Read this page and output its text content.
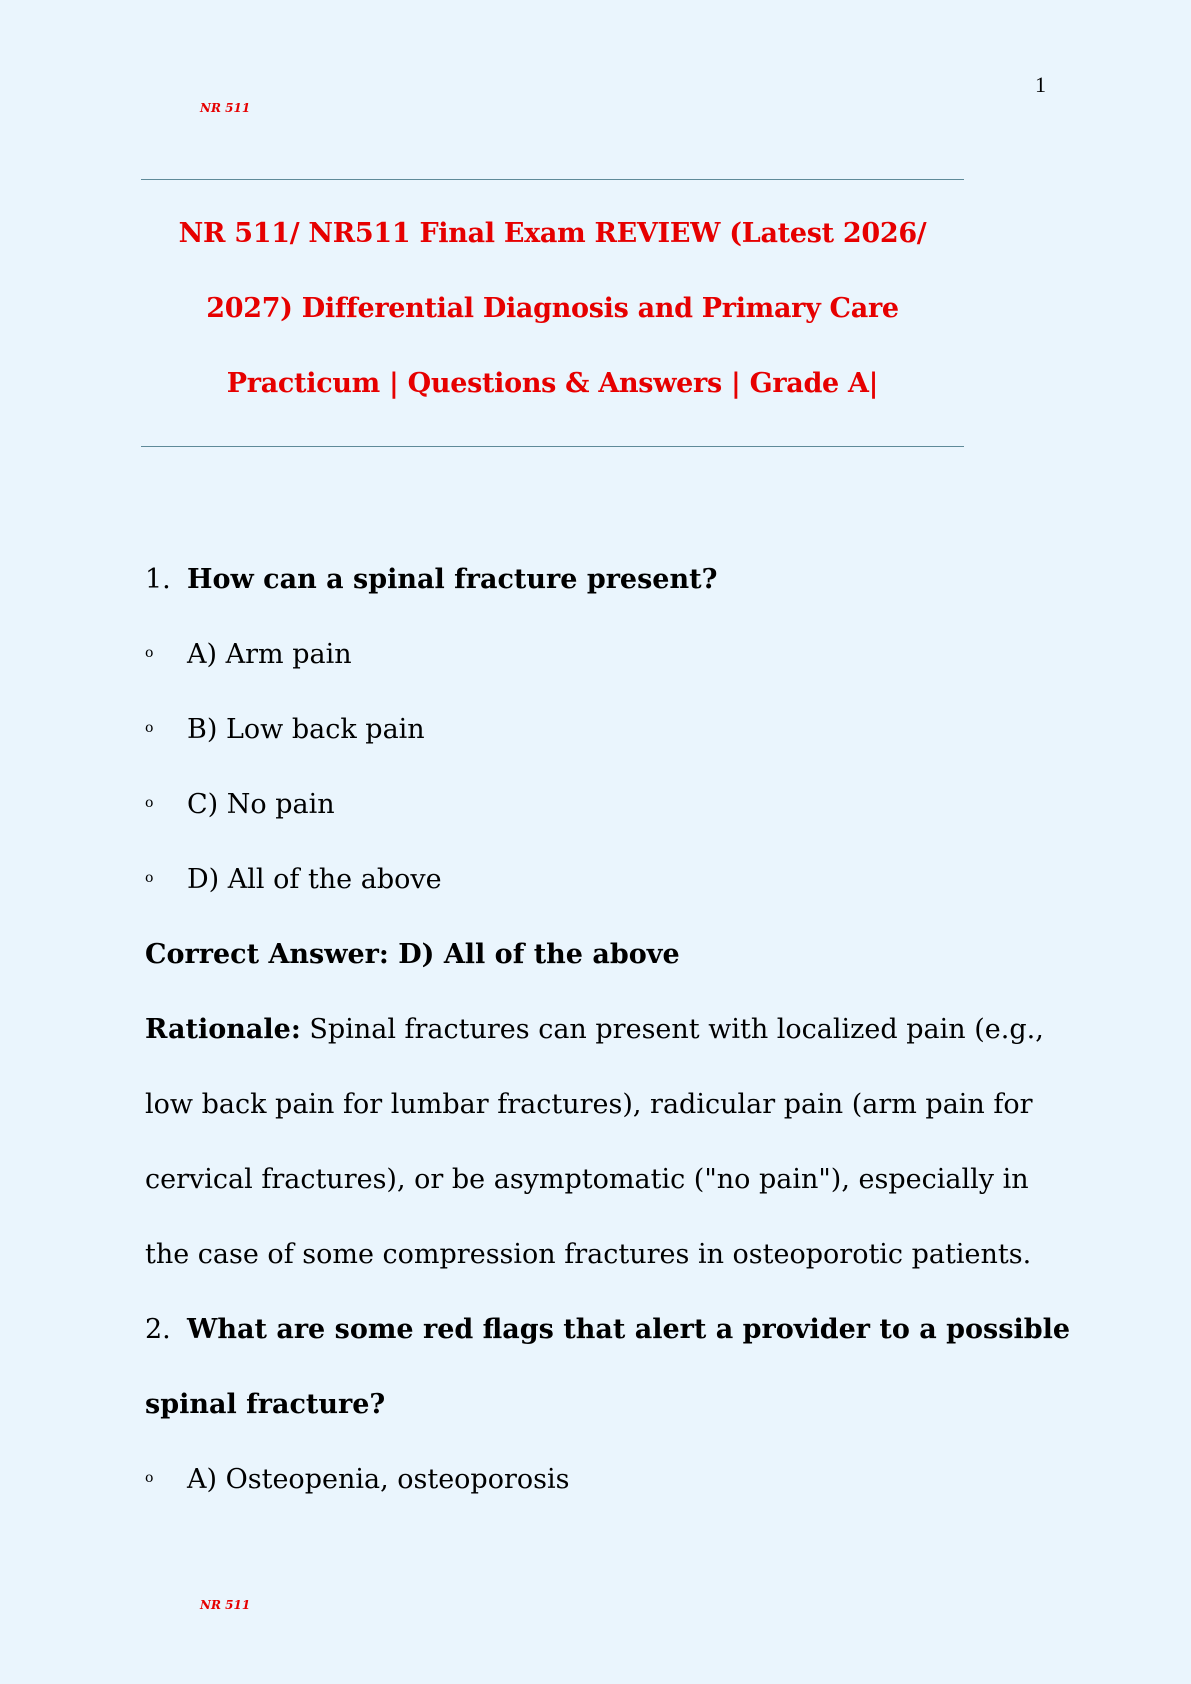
1
NR 511
NR 511/ NR511 Final Exam REVIEW (Latest 2026/
2027) Differential Diagnosis and Primary Care
Practicum | Questions & Answers | Grade A|
1. How can a spinal fracture present?
o A) Arm pain
o B) Low back pain
o C) No pain
o D) All of the above
Correct Answer: D) All of the above
Rationale: Spinal fractures can present with localized pain (e.g.,
low back pain for lumbar fractures), radicular pain (arm pain for
cervical fractures), or be asymptomatic ("no pain"), especially in
the case of some compression fractures in osteoporotic patients.
2. What are some red flags that alert a provider to a possible
spinal fracture?
o A) Osteopenia, osteoporosis
NR 511
